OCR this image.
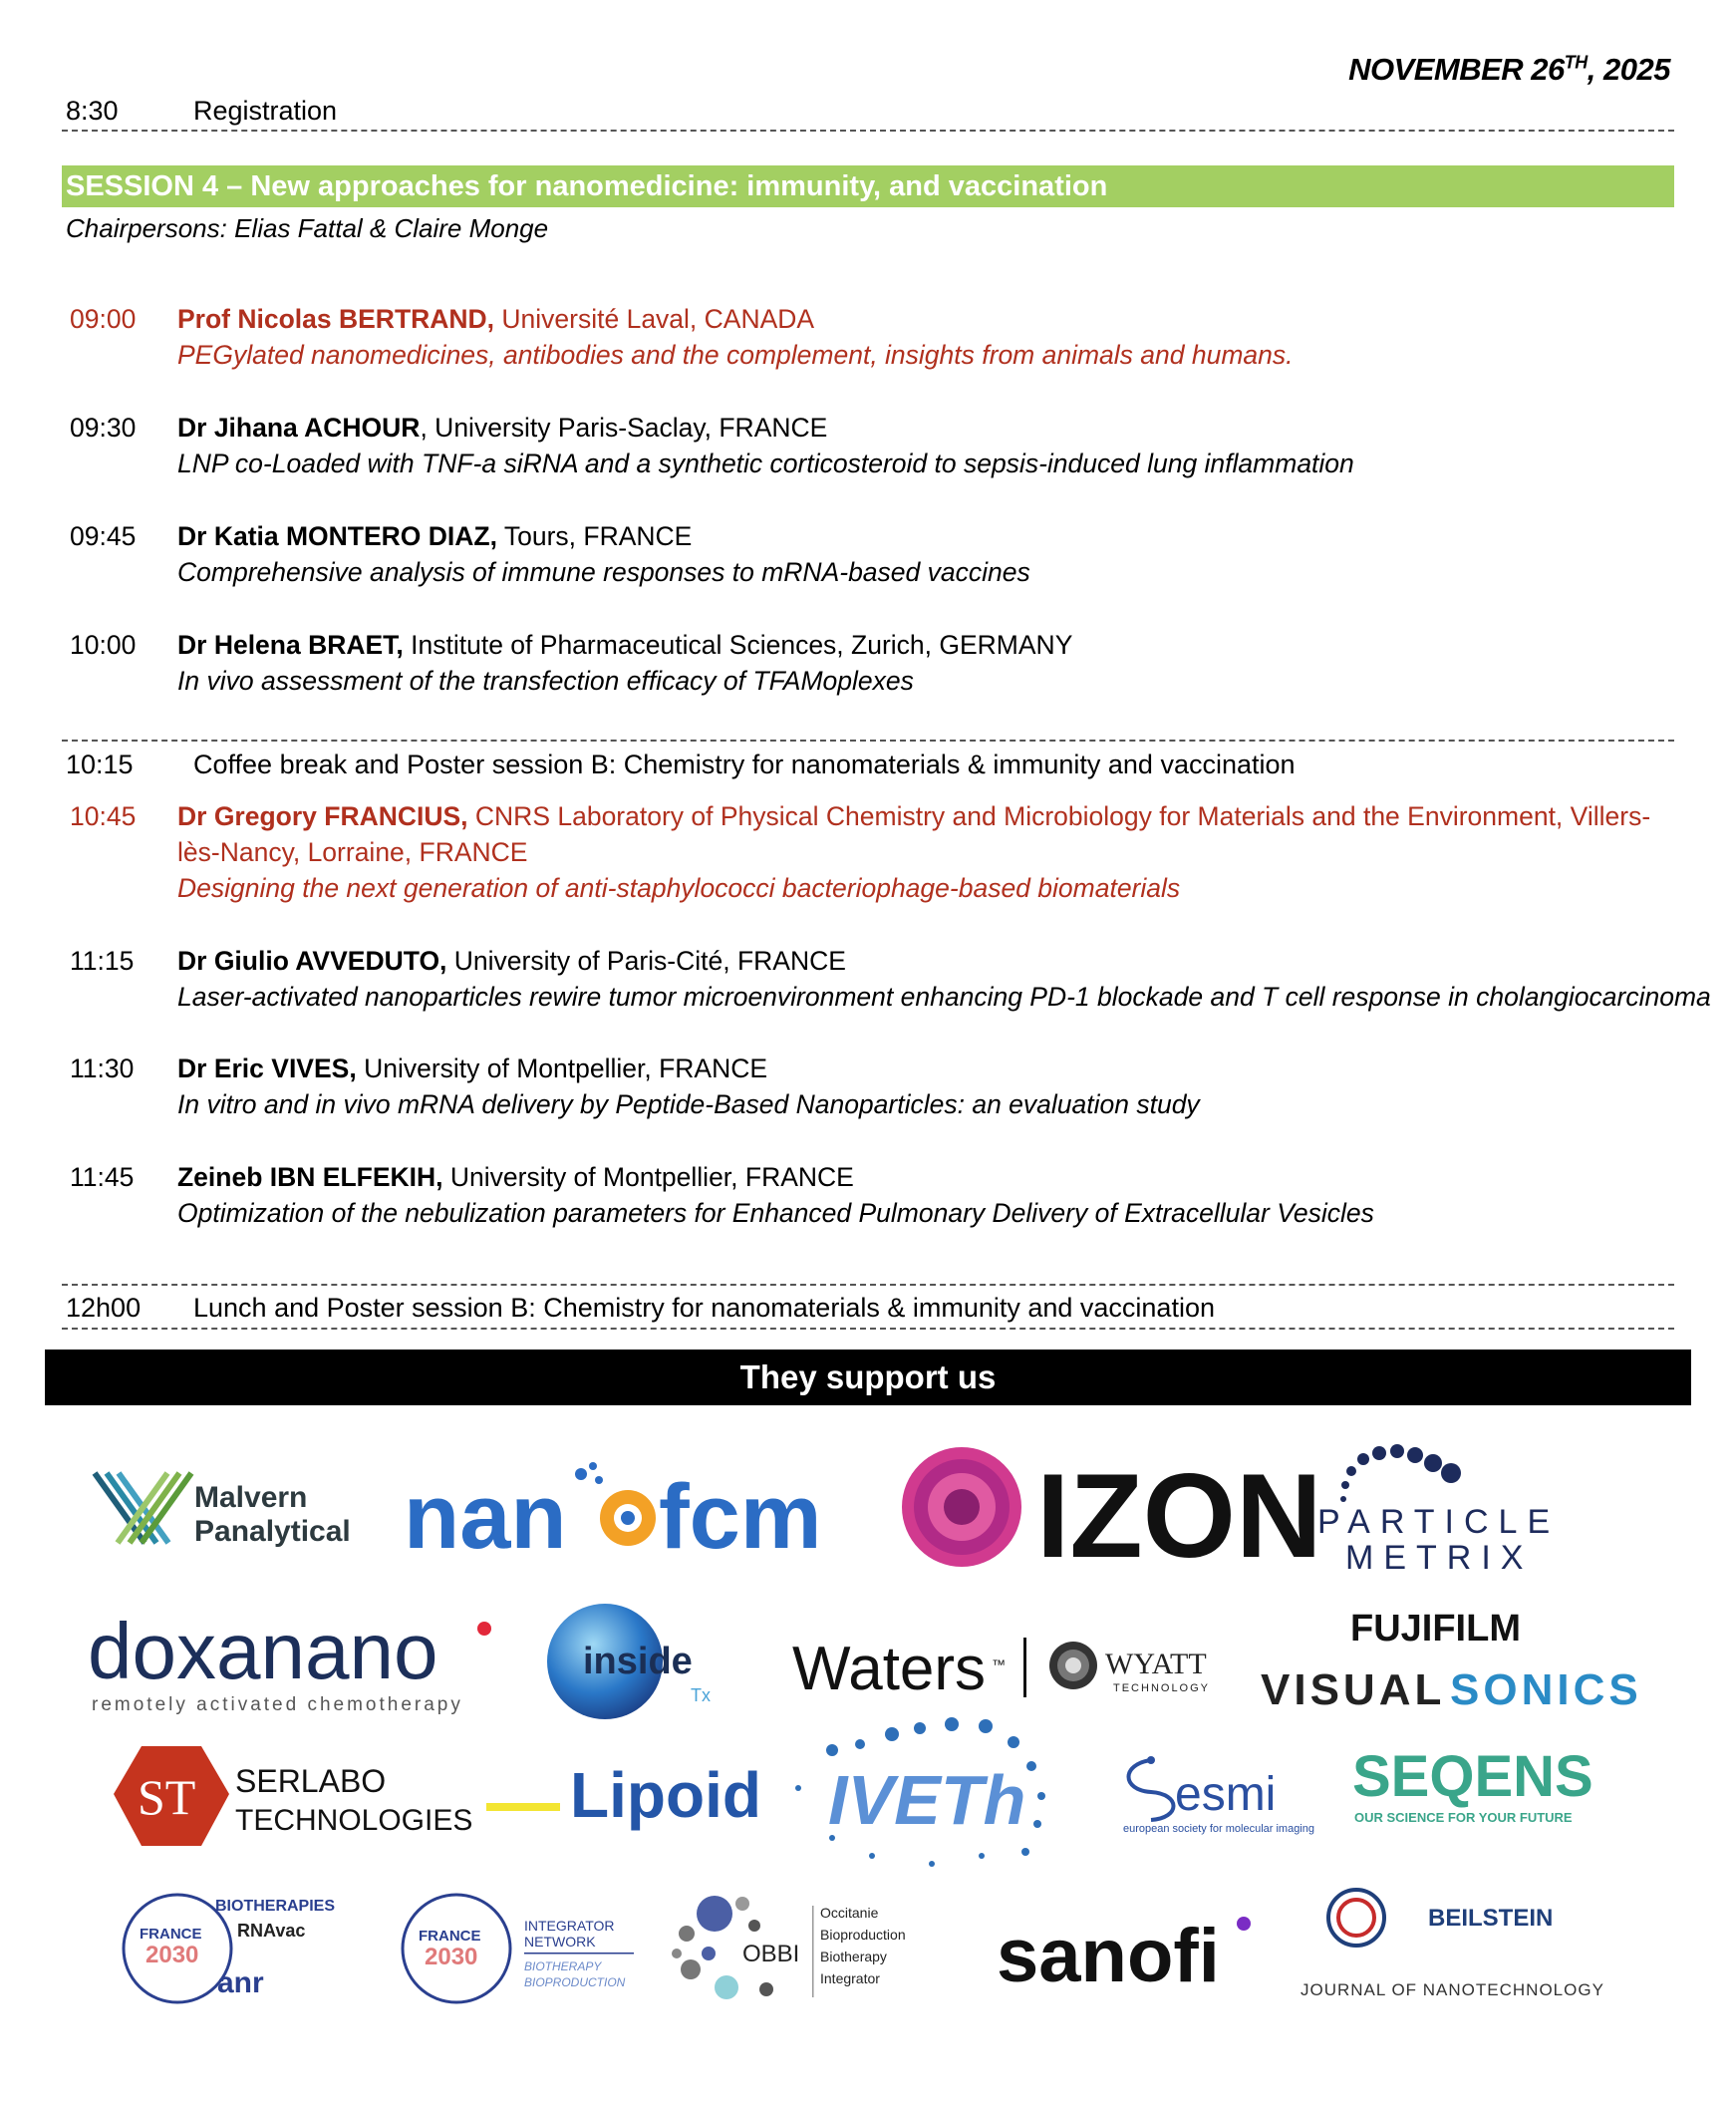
NOVEMBER 26TH, 2025
8:30	Registration
SESSION 4 – New approaches for nanomedicine: immunity, and vaccination
Chairpersons: Elias Fattal & Claire Monge
09:00	Prof Nicolas BERTRAND, Université Laval, CANADA
PEGylated nanomedicines, antibodies and the complement, insights from animals and humans.
09:30	Dr Jihana ACHOUR, University Paris-Saclay, FRANCE
LNP co-Loaded with TNF-a siRNA and a synthetic corticosteroid to sepsis-induced lung inflammation
09:45	Dr Katia MONTERO DIAZ, Tours, FRANCE
Comprehensive analysis of immune responses to mRNA-based vaccines
10:00	Dr Helena BRAET, Institute of Pharmaceutical Sciences, Zurich, GERMANY
In vivo assessment of the transfection efficacy of TFAMoplexes
10:15 Coffee break and Poster session B: Chemistry for nanomaterials & immunity and vaccination
10:45	Dr Gregory FRANCIUS, CNRS Laboratory of Physical Chemistry and Microbiology for Materials and the Environment, Villers-lès-Nancy, Lorraine, FRANCE
Designing the next generation of anti-staphylococci bacteriophage-based biomaterials
11:15	Dr Giulio AVVEDUTO, University of Paris-Cité, FRANCE
Laser-activated nanoparticles rewire tumor microenvironment enhancing PD-1 blockade and T cell response in cholangiocarcinoma
11:30	Dr Eric VIVES, University of Montpellier, FRANCE
In vitro and in vivo mRNA delivery by Peptide-Based Nanoparticles: an evaluation study
11:45	Zeineb IBN ELFEKIH, University of Montpellier, FRANCE
Optimization of the nebulization parameters for Enhanced Pulmonary Delivery of Extracellular Vesicles
12h00 Lunch and Poster session B: Chemistry for nanomaterials & immunity and vaccination
They support us
Malvern
Panalytical nan fcm IZON
PARTICLE
METRIX
doxanano
remotely activated chemotherapy
inside
Tx Waters ™	WYATT
TECHNOLOGY
FUJIFILM
VISUAL SONICS
ST SERLABO
TECHNOLOGIES Lipoid IVETh	esmi
european society for molecular imaging
SEQENS
OUR SCIENCE FOR YOUR FUTURE
FRANCE
2030
BIOTHERAPIES
RNAvac
anr
FRANCE
2030
INTEGRATOR
NETWORK
BIOTHERAPY
BIOPRODUCTION
OBBI
Occitanie
Bioproduction
Biotherapy
Integrator sanofi	BEILSTEIN
JOURNAL OF NANOTECHNOLOGY
